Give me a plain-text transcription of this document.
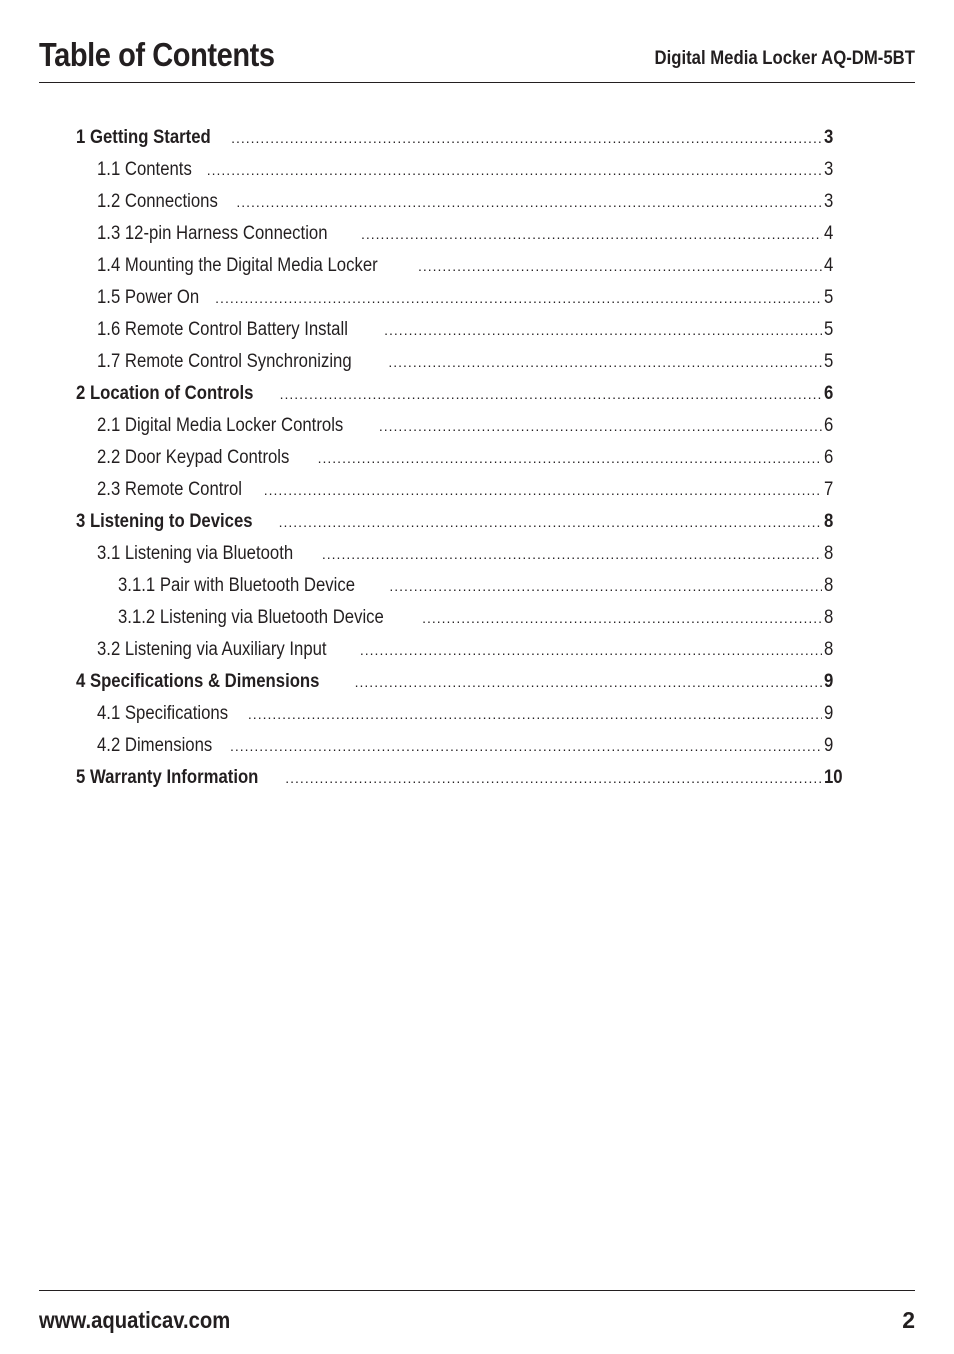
Table of Contents	Digital Media Locker AQ-DM-5BT
1 Getting Started .....	3
1.1 Contents .....	3
1.2 Connections .....	3
1.3 12-pin Harness Connection .....	4
1.4 Mounting the Digital Media Locker .....	4
1.5 Power On .....	5
1.6 Remote Control Battery Install .....	5
1.7 Remote Control Synchronizing .....	5
2 Location of Controls .....	6
2.1 Digital Media Locker Controls .....	6
2.2 Door Keypad Controls .....	6
2.3 Remote Control .....	7
3 Listening to Devices .....	8
3.1 Listening via Bluetooth .....	8
3.1.1 Pair with Bluetooth Device .....	8
3.1.2 Listening via Bluetooth Device .....	8
3.2 Listening via Auxiliary Input .....	8
4 Specifications & Dimensions .....	9
4.1 Specifications .....	9
4.2 Dimensions .....	9
5 Warranty Information .....	10
www.aquaticav.com	2
